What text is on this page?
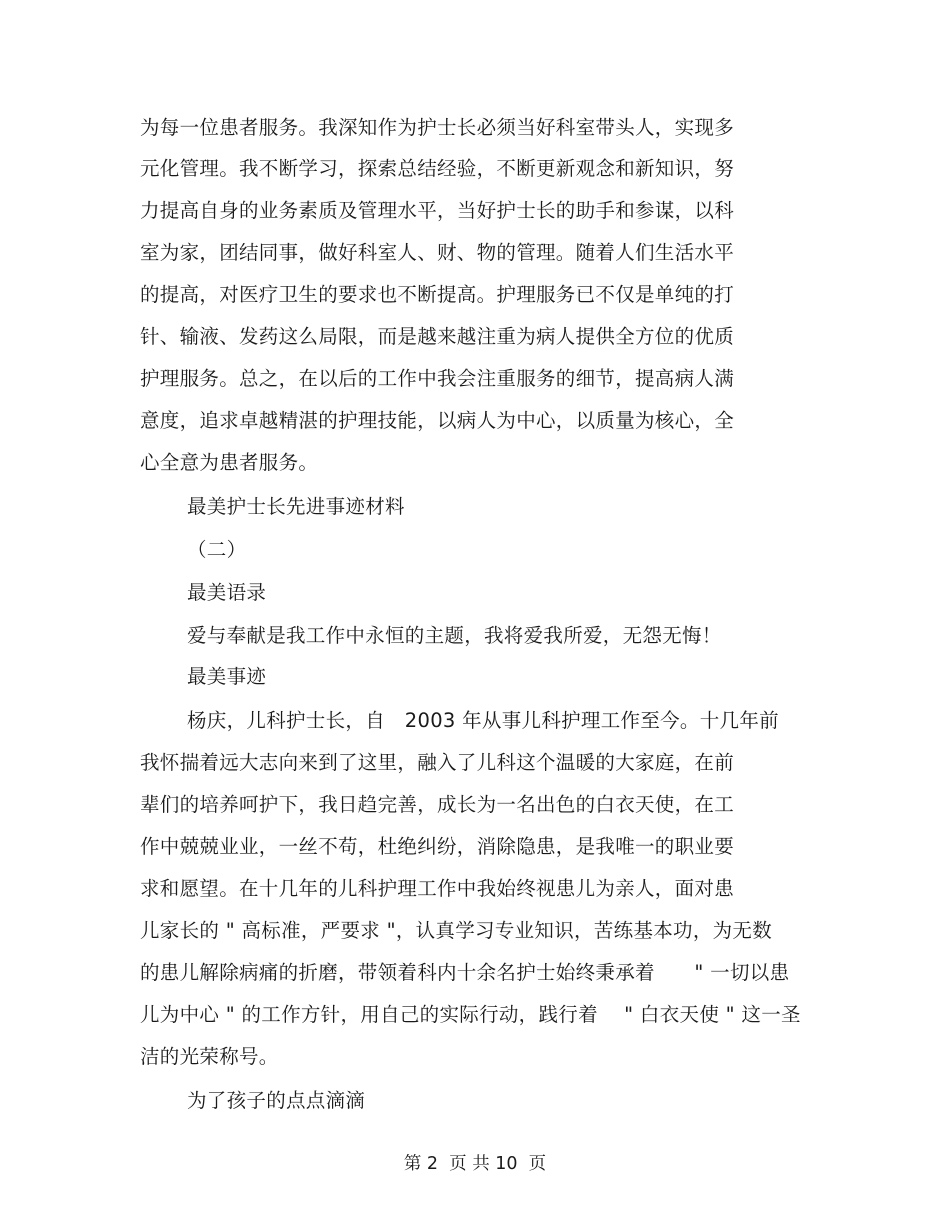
为每一位患者服务。我深知作为护士长必须当好科室带头人，实现多
元化管理。我不断学习，探索总结经验，不断更新观念和新知识，努
力提高自身的业务素质及管理水平，当好护士长的助手和参谋，以科
室为家，团结同事，做好科室人、财、物的管理。随着人们生活水平
的提高，对医疗卫生的要求也不断提高。护理服务已不仅是单纯的打
针、输液、发药这么局限，而是越来越注重为病人提供全方位的优质
护理服务。总之，在以后的工作中我会注重服务的细节，提高病人满
意度，追求卓越精湛的护理技能，以病人为中心，以质量为核心，全
心全意为患者服务。
最美护士长先进事迹材料
（二）
最美语录
爱与奉献是我工作中永恒的主题，我将爱我所爱，无怨无悔！
最美事迹
杨庆，儿科护士长，自　2003 年从事儿科护理工作至今。十几年前
我怀揣着远大志向来到了这里，融入了儿科这个温暖的大家庭，在前
辈们的培养呵护下，我日趋完善，成长为一名出色的白衣天使，在工
作中兢兢业业，一丝不苟，杜绝纠纷，消除隐患，是我唯一的职业要
求和愿望。在十几年的儿科护理工作中我始终视患儿为亲人，面对患
儿家长的 " 高标准，严要求 "，认真学习专业知识，苦练基本功，为无数
的患儿解除病痛的折磨，带领着科内十余名护士始终秉承着　　" 一切以患
儿为中心 " 的工作方针，用自己的实际行动，践行着　 " 白衣天使 " 这一圣
洁的光荣称号。
为了孩子的点点滴滴
第 2  页 共 10  页
